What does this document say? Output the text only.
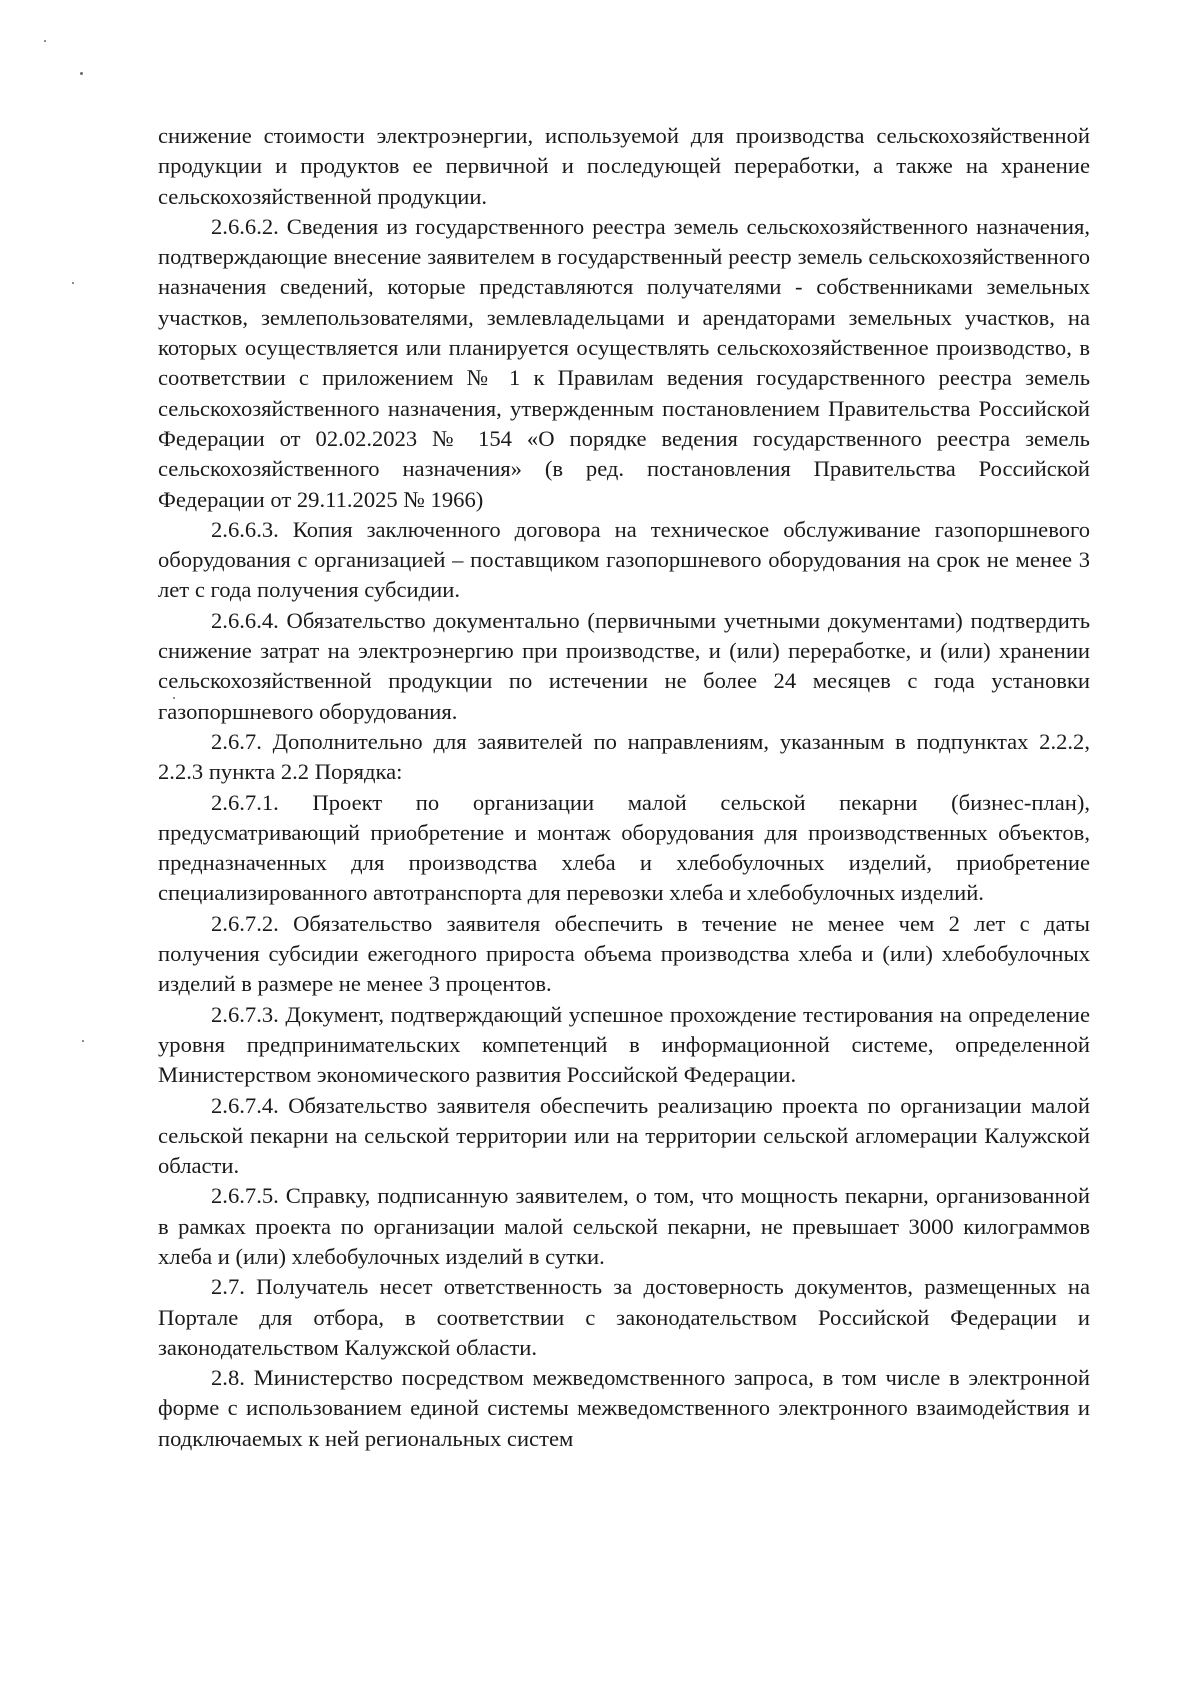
снижение стоимости электроэнергии, используемой для производства сельскохозяйственной продукции и продуктов ее первичной и последующей переработки, а также на хранение сельскохозяйственной продукции.

2.6.6.2. Сведения из государственного реестра земель сельскохозяйственного назначения, подтверждающие внесение заявителем в государственный реестр земель сельскохозяйственного назначения сведений, которые представляются получателями - собственниками земельных участков, землепользователями, землевладельцами и арендаторами земельных участков, на которых осуществляется или планируется осуществлять сельскохозяйственное производство, в соответствии с приложением № 1 к Правилам ведения государственного реестра земель сельскохозяйственного назначения, утвержденным постановлением Правительства Российской Федерации от 02.02.2023 № 154 «О порядке ведения государственного реестра земель сельскохозяйственного назначения» (в ред. постановления Правительства Российской Федерации от 29.11.2025 № 1966)

2.6.6.3. Копия заключенного договора на техническое обслуживание газопоршневого оборудования с организацией – поставщиком газопоршневого оборудования на срок не менее 3 лет с года получения субсидии.

2.6.6.4. Обязательство документально (первичными учетными документами) подтвердить снижение затрат на электроэнергию при производстве, и (или) переработке, и (или) хранении сельскохозяйственной продукции по истечении не более 24 месяцев с года установки газопоршневого оборудования.

2.6.7. Дополнительно для заявителей по направлениям, указанным в подпунктах 2.2.2, 2.2.3 пункта 2.2 Порядка:

2.6.7.1. Проект по организации малой сельской пекарни (бизнес-план), предусматривающий приобретение и монтаж оборудования для производственных объектов, предназначенных для производства хлеба и хлебобулочных изделий, приобретение специализированного автотранспорта для перевозки хлеба и хлебобулочных изделий.

2.6.7.2. Обязательство заявителя обеспечить в течение не менее чем 2 лет с даты получения субсидии ежегодного прироста объема производства хлеба и (или) хлебобулочных изделий в размере не менее 3 процентов.

2.6.7.3. Документ, подтверждающий успешное прохождение тестирования на определение уровня предпринимательских компетенций в информационной системе, определенной Министерством экономического развития Российской Федерации.

2.6.7.4. Обязательство заявителя обеспечить реализацию проекта по организации малой сельской пекарни на сельской территории или на территории сельской агломерации Калужской области.

2.6.7.5. Справку, подписанную заявителем, о том, что мощность пекарни, организованной в рамках проекта по организации малой сельской пекарни, не превышает 3000 килограммов хлеба и (или) хлебобулочных изделий в сутки.

2.7. Получатель несет ответственность за достоверность документов, размещенных на Портале для отбора, в соответствии с законодательством Российской Федерации и законодательством Калужской области.

2.8. Министерство посредством межведомственного запроса, в том числе в электронной форме с использованием единой системы межведомственного электронного взаимодействия и подключаемых к ней региональных систем
